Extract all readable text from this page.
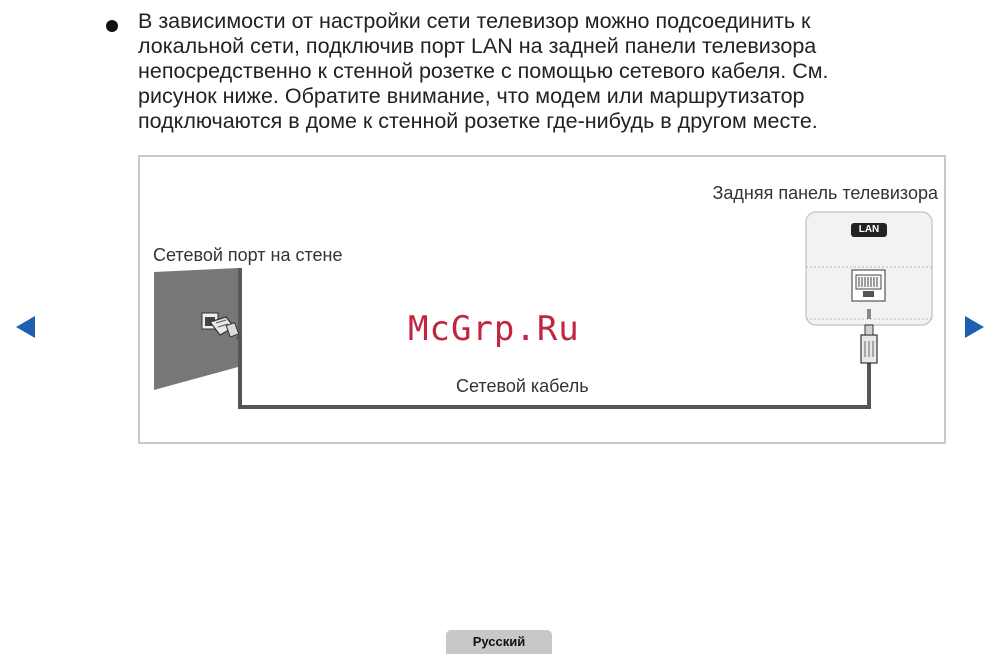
В зависимости от настройки сети телевизор можно подсоединить к
локальной сети, подключив порт LAN на задней панели телевизора
непосредственно к стенной розетке с помощью сетевого кабеля. См.
рисунок ниже. Обратите внимание, что модем или маршрутизатор
подключаются в доме к стенной розетке где-нибудь в другом месте.
LAN
Задняя панель телевизора
Сетевой порт на стене
Сетевой кабель
McGrp.Ru
Русский
